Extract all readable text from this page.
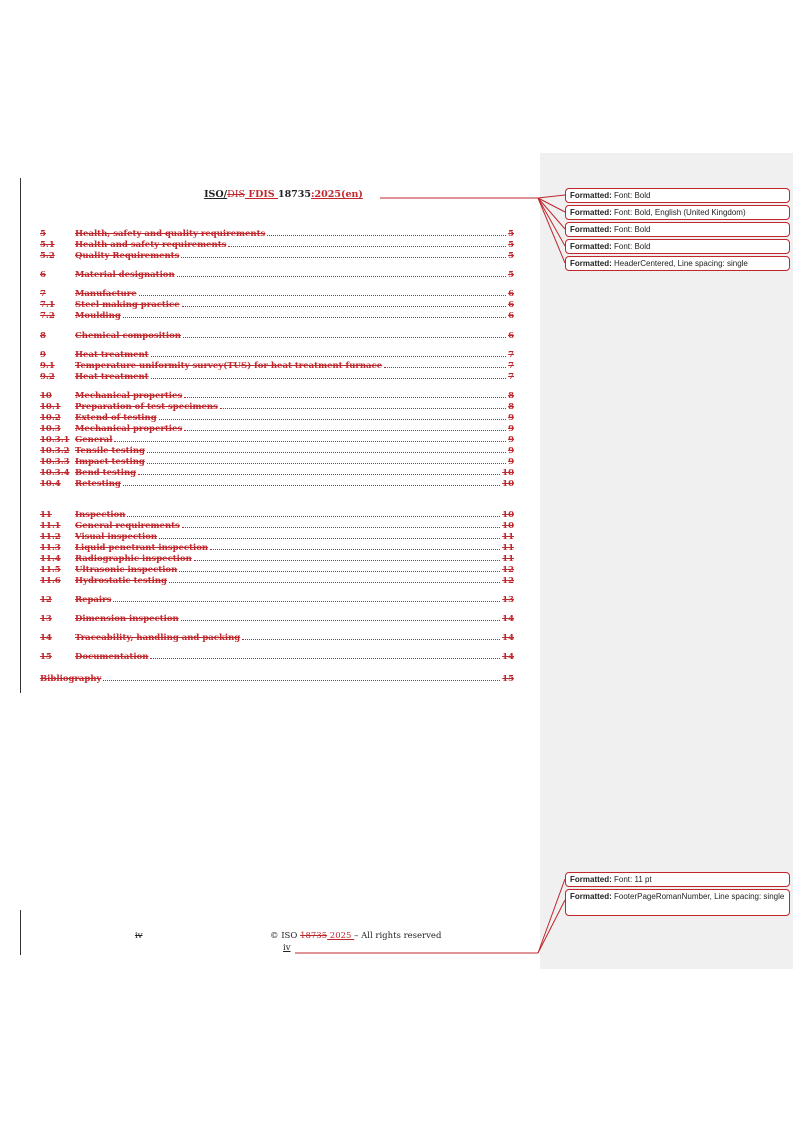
ISO/DIS FDIS 18735:2025(en)
5	Health, safety and quality requirements	5
5.1	Health and safety requirements	5
5.2	Quality Requirements	5
6	Material designation	5
7	Manufacture	6
7.1	Steel making practice	6
7.2	Moulding	6
8	Chemical composition	6
9	Heat treatment	7
9.1	Temperature uniformity survey(TUS) for heat treatment furnace	7
9.2	Heat treatment	7
10	Mechanical properties	8
10.1	Preparation of test specimens	8
10.2	Extend of testing	9
10.3	Mechanical properties	9
10.3.1 General	9
10.3.2 Tensile testing	9
10.3.3 Impact testing	9
10.3.4 Bend testing	10
10.4	Retesting	10
11	Inspection	10
11.1	General requirements	10
11.2	Visual inspection	11
11.3	Liquid penetrant inspection	11
11.4	Radiographic inspection	11
11.5	Ultrasonic inspection	12
11.6	Hydrostatic testing	12
12	Repairs	13
13	Dimension inspection	14
14	Traceability, handling and packing	14
15	Documentation	14
Bibliography	15
iv	© ISO 18735 2025 – All rights reserved
iv
Formatted: Font: Bold
Formatted: Font: Bold, English (United Kingdom)
Formatted: Font: Bold
Formatted: Font: Bold
Formatted: HeaderCentered, Line spacing: single
Formatted: Font: 11 pt
Formatted: FooterPageRomanNumber, Line spacing: single
